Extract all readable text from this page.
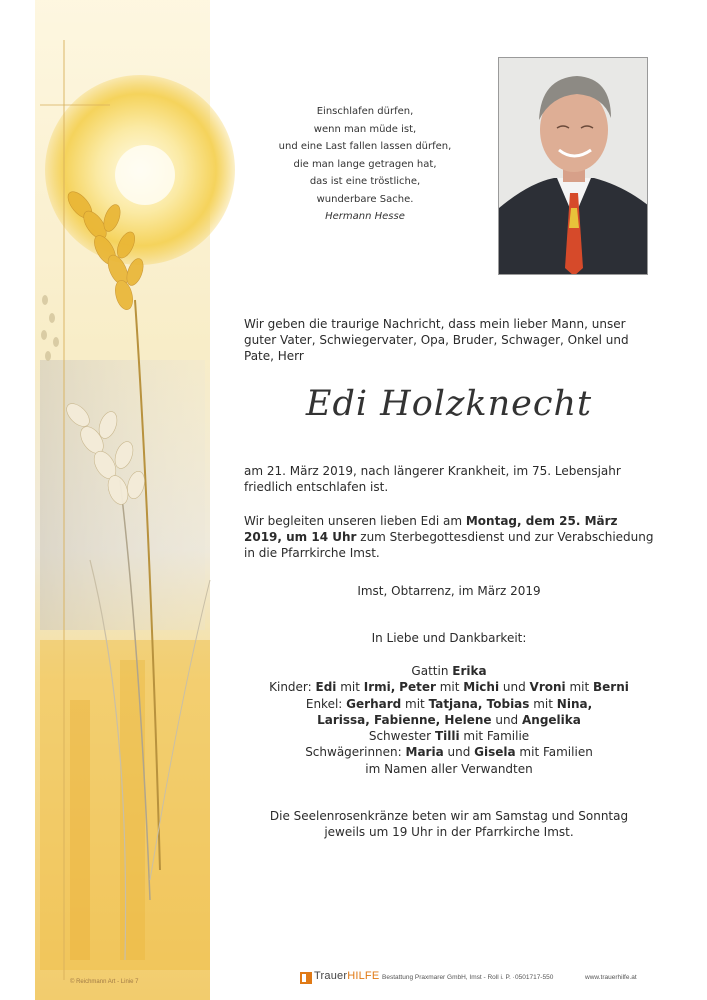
© Reichmann Art - Linie 7
Einschlafen dürfen,
wenn man müde ist,
und eine Last fallen lassen dürfen,
die man lange getragen hat,
das ist eine tröstliche,
wunderbare Sache.
Hermann Hesse
Wir geben die traurige Nachricht, dass mein lieber Mann, unser guter Vater, Schwiegervater, Opa, Bruder, Schwager, Onkel und Pate, Herr
Edi Holzknecht
am 21. März 2019, nach längerer Krankheit, im 75. Lebensjahr friedlich entschlafen ist.
Wir begleiten unseren lieben Edi am Montag, dem 25. März 2019, um 14 Uhr zum Sterbegottesdienst und zur Verabschiedung in die Pfarrkirche Imst.
Imst, Obtarrenz, im März 2019
In Liebe und Dankbarkeit:
Gattin Erika
Kinder: Edi mit Irmi, Peter mit Michi und Vroni mit Berni
Enkel: Gerhard mit Tatjana, Tobias mit Nina,
Larissa, Fabienne, Helene und Angelika
Schwester Tilli mit Familie
Schwägerinnen: Maria und Gisela mit Familien
im Namen aller Verwandten
Die Seelenrosenkränze beten wir am Samstag und Sonntag
jeweils um 19 Uhr in der Pfarrkirche Imst.
TrauerHILFE Bestattung Praxmarer GmbH, Imst - Roll i. P. · 0501717-550	www.trauerhilfe.at
